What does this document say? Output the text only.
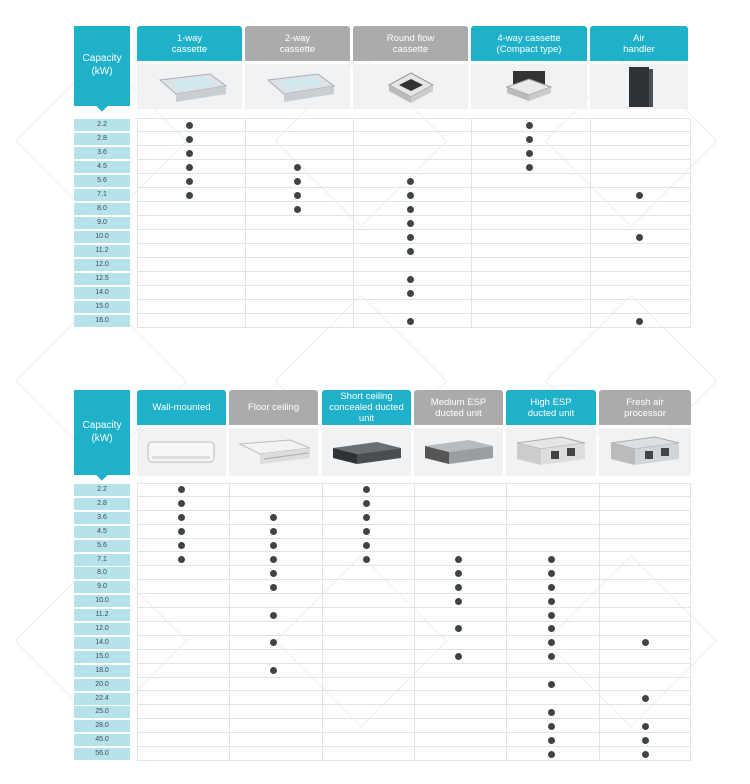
Capacity
(kW)
1-way
cassette
2-way
cassette
Round flow
cassette
4-way cassette
(Compact type)
Air
handler
2.2
2.8
3.6
4.5
5.6
7.1
8.0
9.0
10.0
11.2
12.0
12.5
14.0
15.0
16.0
Capacity
(kW)
Wall-mounted	Floor ceiling
Short ceiling
concealed ducted
unit
Medium ESP
ducted unit
High ESP
ducted unit
Fresh air
processor
2.2
2.8
3.6
4.5
5.6
7.1
8.0
9.0
10.0
11.2
12.0
14.0
15.0
18.0
20.0
22.4
25.0
28.0
45.0
56.0
